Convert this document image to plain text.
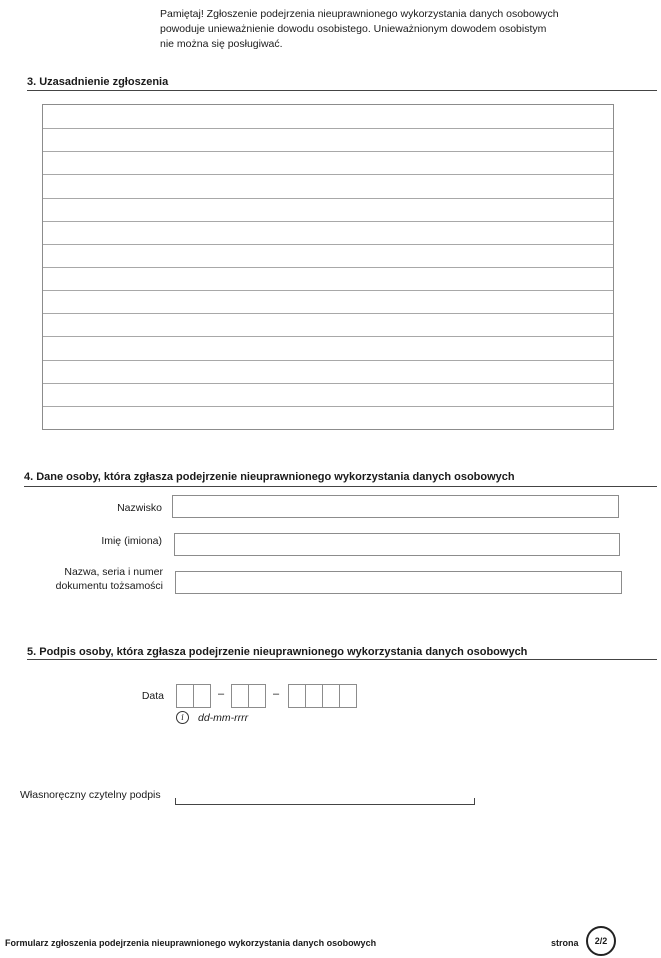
Pamiętaj! Zgłoszenie podejrzenia nieuprawnionego wykorzystania danych osobowych
powoduje unieważnienie dowodu osobistego. Unieważnionym dowodem osobistym
nie można się posługiwać.
3. Uzasadnienie zgłoszenia
4. Dane osoby, która zgłasza podejrzenie nieuprawnionego wykorzystania danych osobowych
Nazwisko
Imię (imiona)
Nazwa, seria i numer
dokumentu tożsamości
5. Podpis osoby, która zgłasza podejrzenie nieuprawnionego wykorzystania danych osobowych
Data	–	–
i	dd-mm-rrrr
Własnoręczny czytelny podpis
Formularz zgłoszenia podejrzenia nieuprawnionego wykorzystania danych osobowych	strona	2/2
